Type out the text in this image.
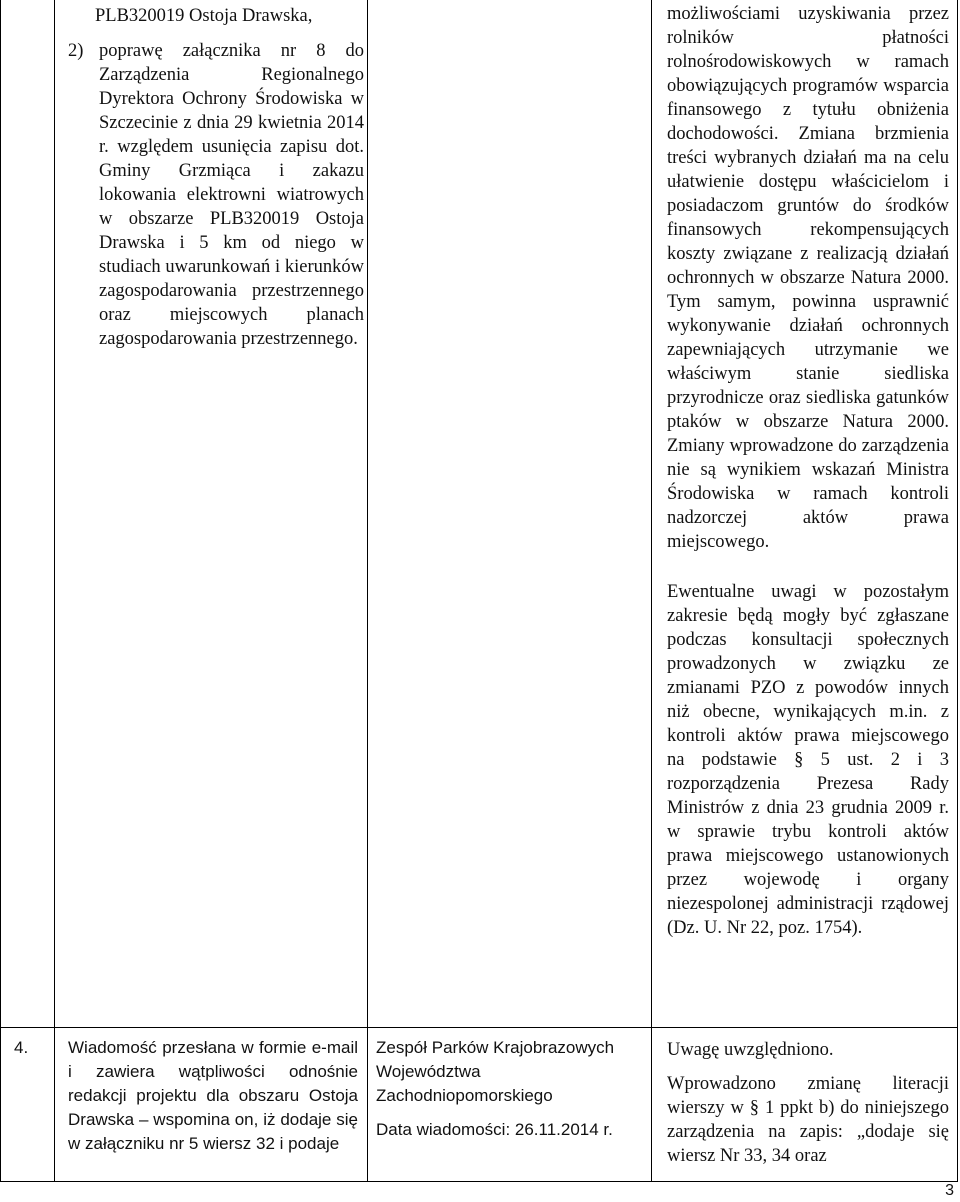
PLB320019 Ostoja Drawska,

2) poprawę załącznika nr 8 do Zarządzenia Regionalnego Dyrektora Ochrony Środowiska w Szczecinie z dnia 29 kwietnia 2014 r. względem usunięcia zapisu dot. Gminy Grzmiąca i zakazu lokowania elektrowni wiatrowych w obszarze PLB320019 Ostoja Drawska i 5 km od niego w studiach uwarunkowań i kierunków zagospodarowania przestrzennego oraz miejscowych planach zagospodarowania przestrzennego.

możliwościami uzyskiwania przez rolników płatności rolnośrodowiskowych w ramach obowiązujących programów wsparcia finansowego z tytułu obniżenia dochodowości. Zmiana brzmienia treści wybranych działań ma na celu ułatwienie dostępu właścicielom i posiadaczom gruntów do środków finansowych rekompensujących koszty związane z realizacją działań ochronnych w obszarze Natura 2000. Tym samym, powinna usprawnić wykonywanie działań ochronnych zapewniających utrzymanie we właściwym stanie siedliska przyrodnicze oraz siedliska gatunków ptaków w obszarze Natura 2000. Zmiany wprowadzone do zarządzenia nie są wynikiem wskazań Ministra Środowiska w ramach kontroli nadzorczej aktów prawa miejscowego.

Ewentualne uwagi w pozostałym zakresie będą mogły być zgłaszane podczas konsultacji społecznych prowadzonych w związku ze zmianami PZO z powodów innych niż obecne, wynikających m.in. z kontroli aktów prawa miejscowego na podstawie § 5 ust. 2 i 3 rozporządzenia Prezesa Rady Ministrów z dnia 23 grudnia 2009 r. w sprawie trybu kontroli aktów prawa miejscowego ustanowionych przez wojewodę i organy niezespolonej administracji rządowej (Dz. U. Nr 22, poz. 1754).

4.	Wiadomość przesłana w formie e-mail i zawiera wątpliwości odnośnie redakcji projektu dla obszaru Ostoja Drawska – wspomina on, iż dodaje się w załączniku nr 5 wiersz 32 i podaje

Zespół Parków Krajobrazowych Województwa Zachodniopomorskiego

Data wiadomości: 26.11.2014 r.

Uwagę uwzględniono.

Wprowadzono zmianę literacji wierszy w § 1 ppkt b) do niniejszego zarządzenia na zapis: „dodaje się wiersz Nr 33, 34 oraz

3
